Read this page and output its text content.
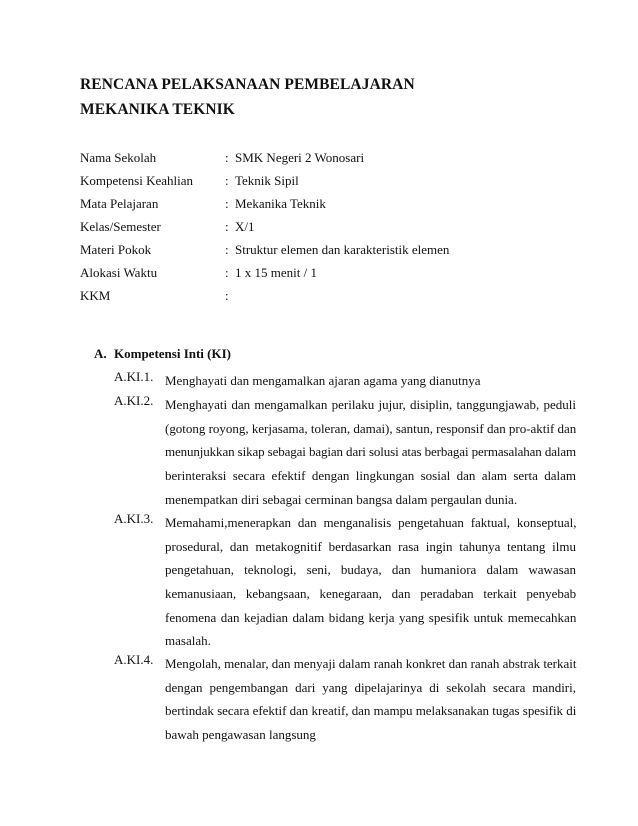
RENCANA PELAKSANAAN PEMBELAJARAN
MEKANIKA TEKNIK
Nama Sekolah	: SMK Negeri 2 Wonosari
Kompetensi Keahlian : Teknik Sipil
Mata Pelajaran	: Mekanika Teknik
Kelas/Semester	: X/1
Materi Pokok	: Struktur elemen dan karakteristik elemen
Alokasi Waktu	: 1 x 15 menit / 1
KKM	:
A. Kompetensi Inti (KI)
A.KI.1. Menghayati dan mengamalkan ajaran agama yang dianutnya
A.KI.2. Menghayati dan mengamalkan perilaku jujur, disiplin, tanggungjawab, peduli
(gotong royong, kerjasama, toleran, damai), santun, responsif dan pro-aktif dan
menunjukkan sikap sebagai bagian dari solusi atas berbagai permasalahan dalam
berinteraksi secara efektif dengan lingkungan sosial dan alam serta dalam
menempatkan diri sebagai cerminan bangsa dalam pergaulan dunia.
A.KI.3. Memahami,menerapkan dan menganalisis pengetahuan faktual, konseptual,
prosedural, dan metakognitif berdasarkan rasa ingin tahunya tentang ilmu
pengetahuan, teknologi, seni, budaya, dan humaniora dalam wawasan
kemanusiaan, kebangsaan, kenegaraan, dan peradaban terkait penyebab
fenomena dan kejadian dalam bidang kerja yang spesifik untuk memecahkan
masalah.
A.KI.4. Mengolah, menalar, dan menyaji dalam ranah konkret dan ranah abstrak terkait
dengan pengembangan dari yang dipelajarinya di sekolah secara mandiri,
bertindak secara efektif dan kreatif, dan mampu melaksanakan tugas spesifik di
bawah pengawasan langsung
